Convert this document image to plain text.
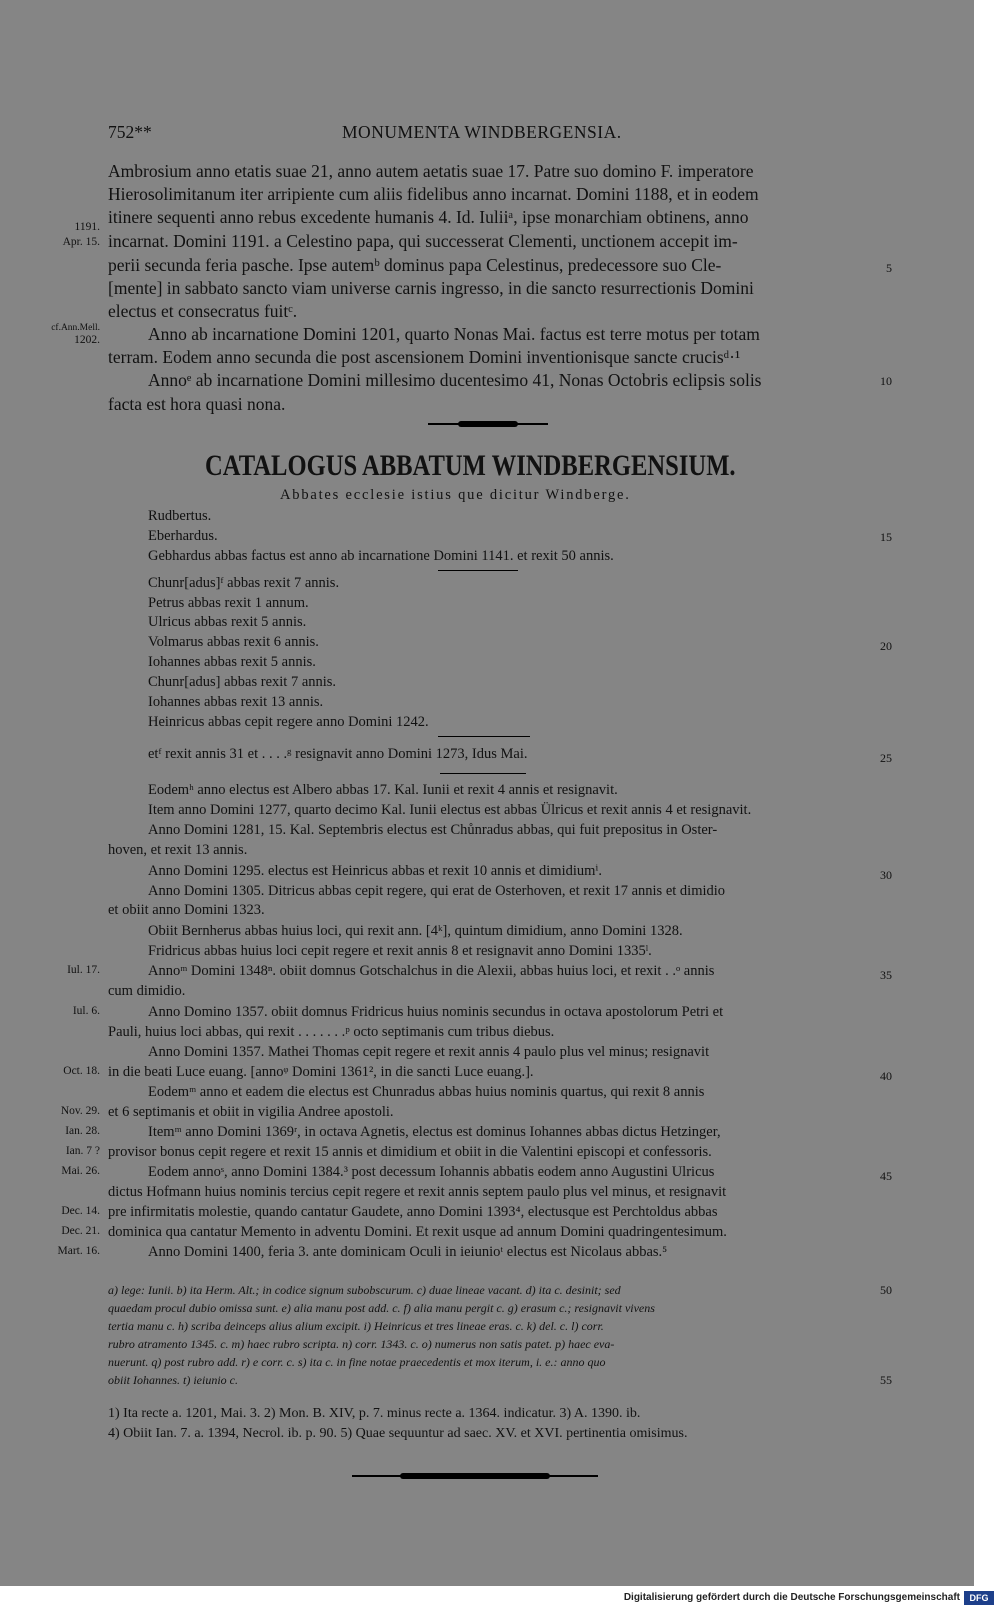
752**	MONUMENTA WINDBERGENSIA.
Ambrosium anno etatis suae 21, anno autem aetatis suae 17. Patre suo domino F. imperatore
Hierosolimitanum iter arripiente cum aliis fidelibus anno incarnat. Domini 1188, et in eodem
itinere sequenti anno rebus excedente humanis 4. Id. Iuliiᵃ, ipse monarchiam obtinens, anno
incarnat. Domini 1191. a Celestino papa, qui successerat Clementi, unctionem accepit im-
perii secunda feria pasche. Ipse autemᵇ dominus papa Celestinus, predecessore suo Cle-
[mente] in sabbato sancto viam universe carnis ingresso, in die sancto resurrectionis Domini
electus et consecratus fuitᶜ.
Anno ab incarnatione Domini 1201, quarto Nonas Mai. factus est terre motus per totam
terram. Eodem anno secunda die post ascensionem Domini inventionisque sancte crucisᵈ·¹
Annoᵉ ab incarnatione Domini millesimo ducentesimo 41, Nonas Octobris eclipsis solis
facta est hora quasi nona.
1191.
Apr. 15.
cf.Ann.Mell.
1202.
5
10
CATALOGUS ABBATUM WINDBERGENSIUM.
Abbates ecclesie istius que dicitur Windberge.
Rudbertus.
Eberhardus.
Gebhardus abbas factus est anno ab incarnatione Domini 1141. et rexit 50 annis.
Chunr[adus]ᶠ abbas rexit 7 annis.
Petrus abbas rexit 1 annum.
Ulricus abbas rexit 5 annis.
Volmarus abbas rexit 6 annis.
Iohannes abbas rexit 5 annis.
Chunr[adus] abbas rexit 7 annis.
Iohannes abbas rexit 13 annis.
Heinricus abbas cepit regere anno Domini 1242.
etᶠ rexit annis 31 et . . . .ᵍ resignavit anno Domini 1273, Idus Mai.
Eodemʰ anno electus est Albero abbas 17. Kal. Iunii et rexit 4 annis et resignavit.
Item anno Domini 1277, quarto decimo Kal. Iunii electus est abbas Ülricus et rexit annis 4 et resignavit.
Anno Domini 1281, 15. Kal. Septembris electus est Chůnradus abbas, qui fuit prepositus in Oster-
hoven, et rexit 13 annis.
Anno Domini 1295. electus est Heinricus abbas et rexit 10 annis et dimidiumⁱ.
Anno Domini 1305. Ditricus abbas cepit regere, qui erat de Osterhoven, et rexit 17 annis et dimidio
et obiit anno Domini 1323.
Obiit Bernherus abbas huius loci, qui rexit ann. [4ᵏ], quintum dimidium, anno Domini 1328.
Fridricus abbas huius loci cepit regere et rexit annis 8 et resignavit anno Domini 1335ˡ.
Annoᵐ Domini 1348ⁿ. obiit domnus Gotschalchus in die Alexii, abbas huius loci, et rexit . .ᵒ annis
cum dimidio.
Anno Domino 1357. obiit domnus Fridricus huius nominis secundus in octava apostolorum Petri et
Pauli, huius loci abbas, qui rexit . . . . . . .ᵖ octo septimanis cum tribus diebus.
Anno Domini 1357. Mathei Thomas cepit regere et rexit annis 4 paulo plus vel minus; resignavit
in die beati Luce euang. [annoᵠ Domini 1361², in die sancti Luce euang.].
Eodemᵐ anno et eadem die electus est Chunradus abbas huius nominis quartus, qui rexit 8 annis
et 6 septimanis et obiit in vigilia Andree apostoli.
Itemᵐ anno Domini 1369ʳ, in octava Agnetis, electus est dominus Iohannes abbas dictus Hetzinger,
provisor bonus cepit regere et rexit 15 annis et dimidium et obiit in die Valentini episcopi et confessoris.
Eodem annoˢ, anno Domini 1384.³ post decessum Iohannis abbatis eodem anno Augustini Ulricus
dictus Hofmann huius nominis tercius cepit regere et rexit annis septem paulo plus vel minus, et resignavit
pre infirmitatis molestie, quando cantatur Gaudete, anno Domini 1393⁴, electusque est Perchtoldus abbas
dominica qua cantatur Memento in adventu Domini. Et rexit usque ad annum Domini quadringentesimum.
Anno Domini 1400, feria 3. ante dominicam Oculi in ieiunioᵗ electus est Nicolaus abbas.⁵
Iul. 17.
Iul. 6.
Oct. 18.
Nov. 29.
Ian. 28.
Ian. 7 ?
Mai. 26.
Dec. 14.
Dec. 21.
Mart. 16.
15
20
25
30
35
40
45
a) lege: Iunii. b) ita Herm. Alt.; in codice signum subobscurum. c) duae lineae vacant. d) ita c. desinit; sed
quaedam procul dubio omissa sunt. e) alia manu post add. c. f) alia manu pergit c. g) erasum c.; resignavit vivens
tertia manu c. h) scriba deinceps alius alium excipit. i) Heinricus et tres lineae eras. c. k) del. c. l) corr.
rubro atramento 1345. c. m) haec rubro scripta. n) corr. 1343. c. o) numerus non satis patet. p) haec eva-
nuerunt. q) post rubro add. r) e corr. c. s) ita c. in fine notae praecedentis et mox iterum, i. e.: anno quo
obiit Iohannes. t) ieiunio c.
50
55
1) Ita recte a. 1201, Mai. 3. 2) Mon. B. XIV, p. 7. minus recte a. 1364. indicatur. 3) A. 1390. ib.
4) Obiit Ian. 7. a. 1394, Necrol. ib. p. 90. 5) Quae sequuntur ad saec. XV. et XVI. pertinentia omisimus.
Digitalisierung gefördert durch die Deutsche Forschungsgemeinschaft	DFG
